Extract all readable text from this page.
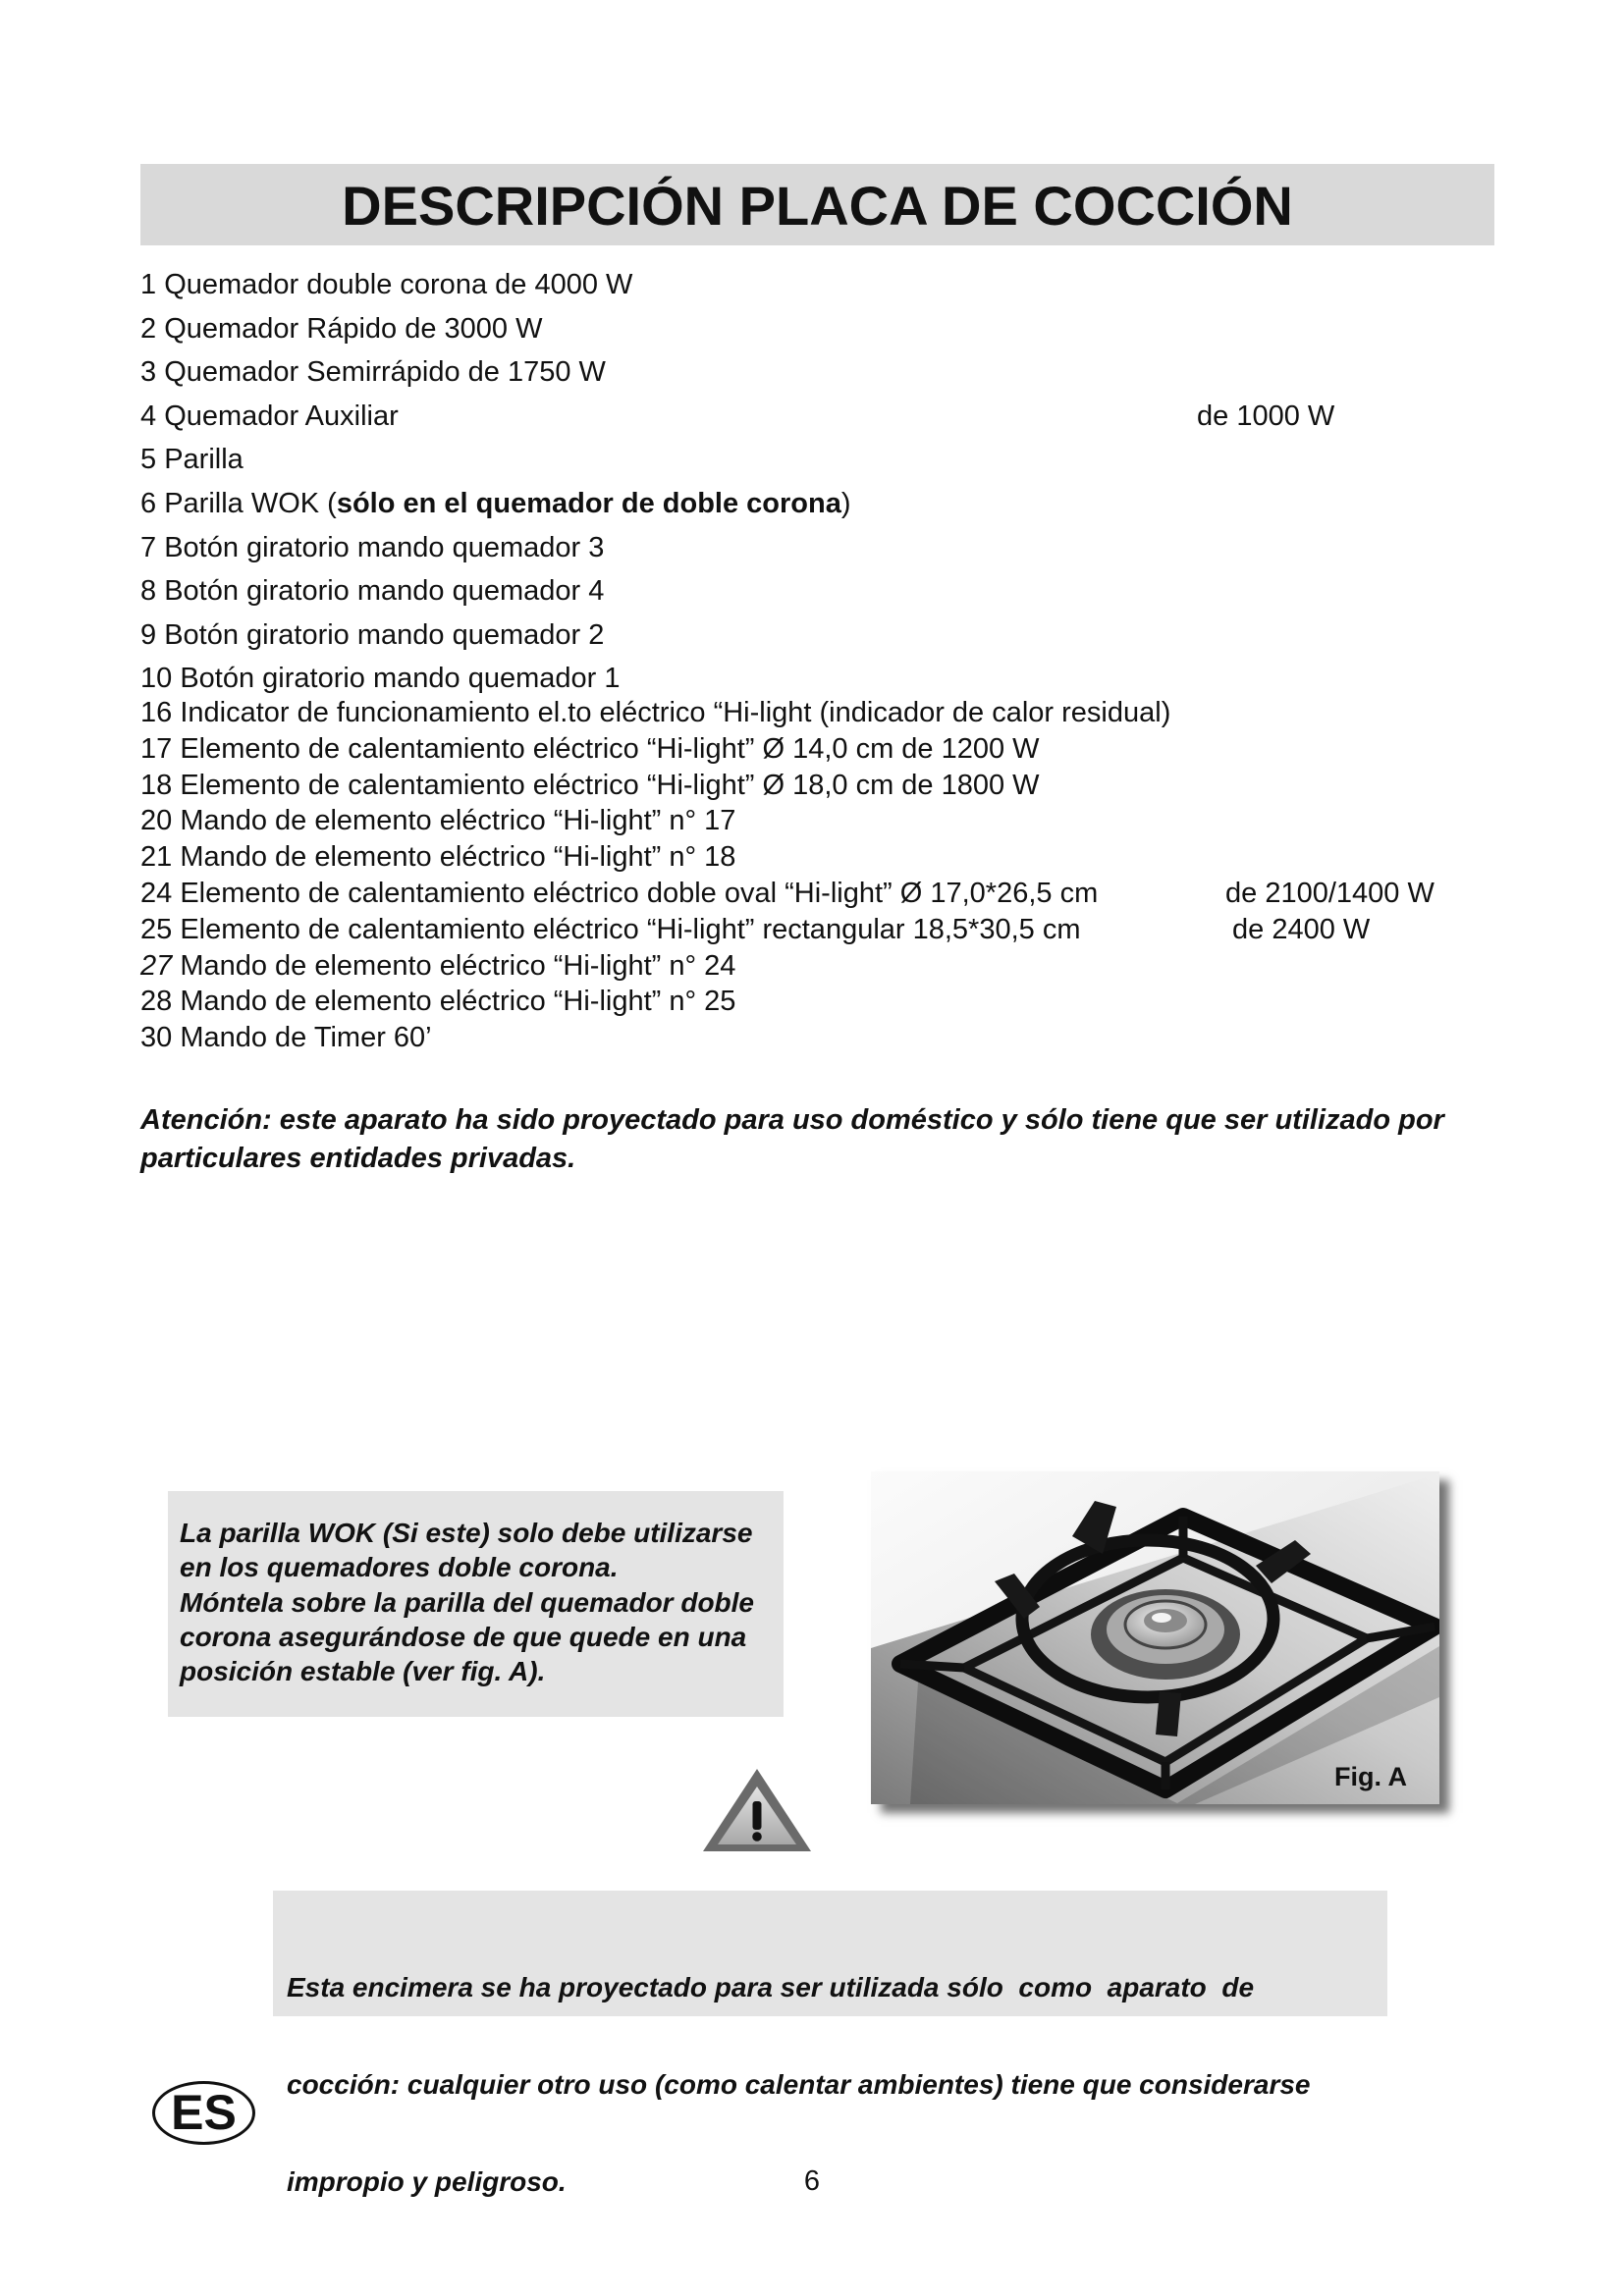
DESCRIPCIÓN PLACA DE COCCIÓN
1 Quemador double corona de 4000 W
2 Quemador Rápido de 3000 W
3 Quemador Semirrápido de 1750 W
4 Quemador Auxiliar	de 1000 W
5 Parilla
6 Parilla WOK (sólo en el quemador de doble corona)
7 Botón giratorio mando quemador 3
8 Botón giratorio mando quemador 4
9 Botón giratorio mando quemador 2
10 Botón giratorio mando quemador 1
16 Indicator de funcionamiento el.to eléctrico “Hi-light (indicador de calor residual)
17 Elemento de calentamiento eléctrico “Hi-light” Ø 14,0 cm de 1200 W
18 Elemento de calentamiento eléctrico “Hi-light” Ø 18,0 cm de 1800 W
20 Mando de elemento eléctrico “Hi-light” n° 17
21 Mando de elemento eléctrico “Hi-light” n° 18
24 Elemento de calentamiento eléctrico doble oval “Hi-light” Ø 17,0*26,5 cm	de 2100/1400 W
25 Elemento de calentamiento eléctrico “Hi-light” rectangular 18,5*30,5 cm	de 2400 W
27 Mando de elemento eléctrico “Hi-light” n° 24
28 Mando de elemento eléctrico “Hi-light” n° 25
30 Mando de Timer 60’
Atención: este aparato ha sido proyectado para uso doméstico y sólo tiene que ser utilizado por
particulares entidades privadas.
La parilla WOK (Si este) solo debe utilizarse
en los quemadores doble corona.
Móntela sobre la parilla del quemador doble
corona asegurándose de que quede en una
posición estable (ver fig. A).
Fig. A

Esta encimera se ha proyectado para ser utilizada sólo  como  aparato  de

cocción: cualquier otro uso (como calentar ambientes) tiene que considerarse

impropio y peligroso.

ES
6
